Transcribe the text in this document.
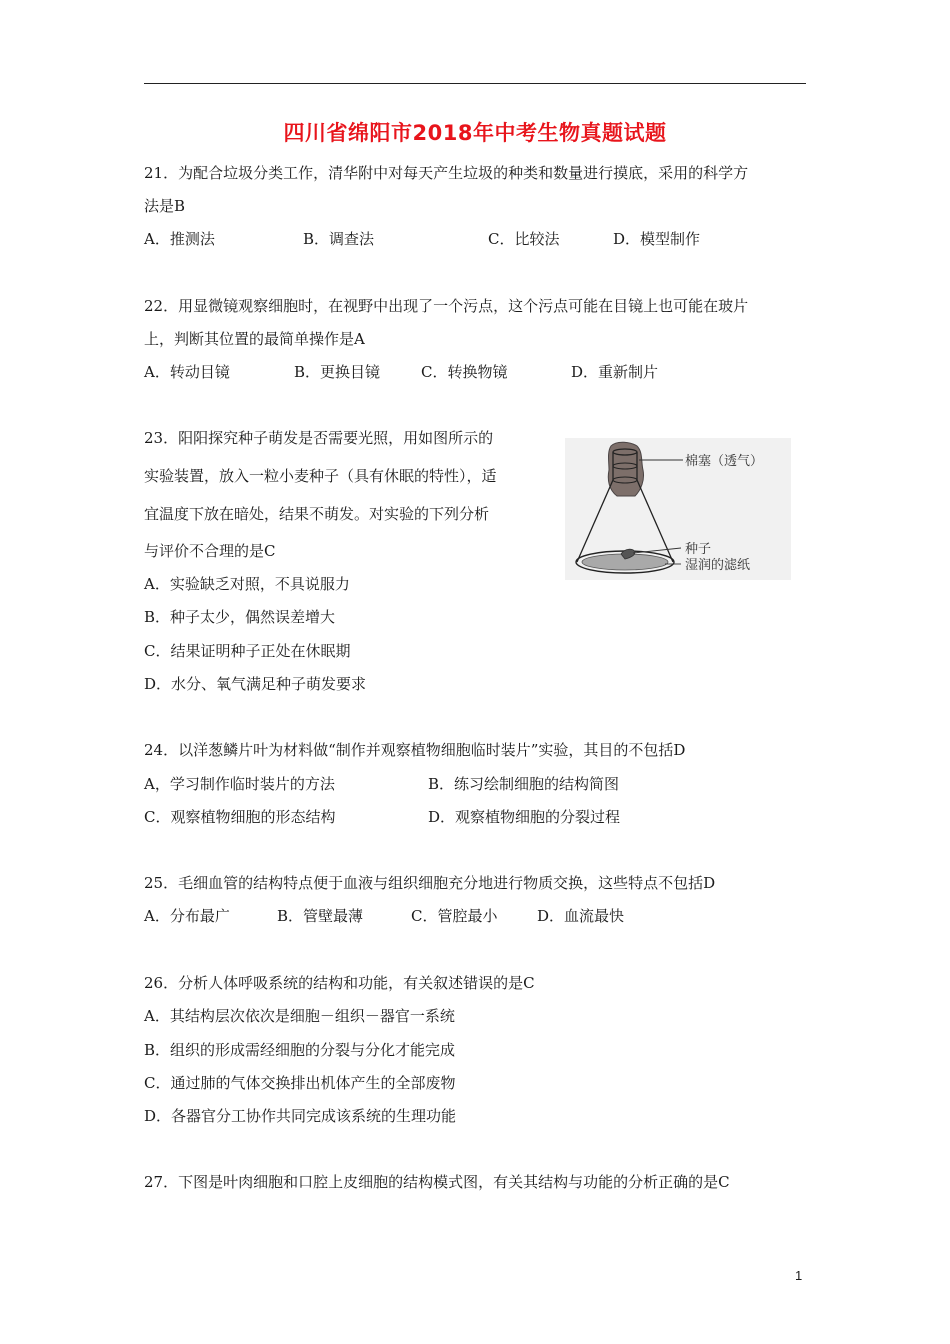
四川省绵阳市2018年中考生物真题试题
21．为配合垃圾分类工作，清华附中对每天产生垃圾的种类和数量进行摸底，采用的科学方
法是B
A．推测法	B．调查法	C．比较法	D．模型制作
22．用显微镜观察细胞时，在视野中出现了一个污点，这个污点可能在目镜上也可能在玻片
上，判断其位置的最简单操作是A
A．转动目镜	B．更换目镜	C．转换物镜	D．重新制片
23．阳阳探究种子萌发是否需要光照，用如图所示的
实验装置，放入一粒小麦种子（具有休眠的特性），适
宜温度下放在暗处，结果不萌发。对实验的下列分析
与评价不合理的是C
A．实验缺乏对照，不具说服力
B．种子太少，偶然误差增大
C．结果证明种子正处在休眠期
D．水分、氧气满足种子萌发要求
棉塞（透气）
种子
湿润的滤纸
24．以洋葱鳞片叶为材料做“制作并观察植物细胞临时装片”实验，其目的不包括D
A，学习制作临时装片的方法	B．练习绘制细胞的结构简图
C．观察植物细胞的形态结构	D．观察植物细胞的分裂过程
25．毛细血管的结构特点便于血液与组织细胞充分地进行物质交换，这些特点不包括D
A．分布最广	B．管壁最薄	C．管腔最小	D．血流最快
26．分析人体呼吸系统的结构和功能，有关叙述错误的是C
A．其结构层次依次是细胞－组织－器官一系统
B．组织的形成需经细胞的分裂与分化才能完成
C．通过肺的气体交换排出机体产生的全部废物
D．各器官分工协作共同完成该系统的生理功能
27．下图是叶肉细胞和口腔上皮细胞的结构模式图，有关其结构与功能的分析正确的是C
1
